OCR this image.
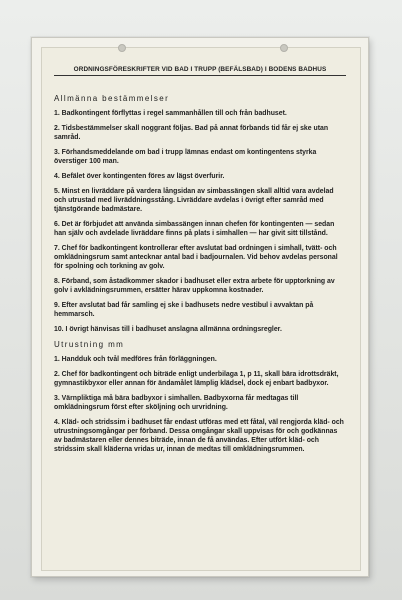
ORDNINGSFÖRESKRIFTER VID BAD I TRUPP (BEFÄLSBAD) I BODENS BADHUS
Allmänna bestämmelser
1. Badkontingent förflyttas i regel sammanhållen till och från badhuset.
2. Tidsbestämmelser skall noggrant följas. Bad på annat förbands tid får ej ske utan samråd.
3. Förhandsmeddelande om bad i trupp lämnas endast om kontingentens styrka överstiger 100 man.
4. Befälet över kontingenten föres av lägst överfurir.
5. Minst en livräddare på vardera långsidan av simbassängen skall alltid vara avdelad och utrustad med livräddningsstång. Livräddare avdelas i övrigt efter samråd med tjänstgörande badmästare.
6. Det är förbjudet att använda simbassängen innan chefen för kontingenten — sedan han själv och avdelade livräddare finns på plats i simhallen — har givit sitt tillstånd.
7. Chef för badkontingent kontrollerar efter avslutat bad ordningen i simhall, tvätt- och omklädningsrum samt antecknar antal bad i badjournalen. Vid behov avdelas personal för spolning och torkning av golv.
8. Förband, som åstadkommer skador i badhuset eller extra arbete för upptorkning av golv i avklädningsrummen, ersätter härav uppkomna kostnader.
9. Efter avslutat bad får samling ej ske i badhusets nedre vestibul i avvaktan på hemmarsch.
10. I övrigt hänvisas till i badhuset anslagna allmänna ordningsregler.
Utrustning mm
1. Handduk och tvål medföres från förläggningen.
2. Chef för badkontingent och biträde enligt underbilaga 1, p 11, skall bära idrottsdräkt, gymnastikbyxor eller annan för ändamålet lämplig klädsel, dock ej enbart badbyxor.
3. Värnpliktiga må bära badbyxor i simhallen. Badbyxorna får medtagas till omklädningsrum först efter sköljning och urvridning.
4. Kläd- och stridssim i badhuset får endast utföras med ett fåtal, väl rengjorda kläd- och utrustningsomgångar per förband. Dessa omgångar skall uppvisas för och godkännas av badmästaren eller dennes biträde, innan de få användas. Efter utfört kläd- och stridssim skall kläderna vridas ur, innan de medtas till omklädningsrummen.
